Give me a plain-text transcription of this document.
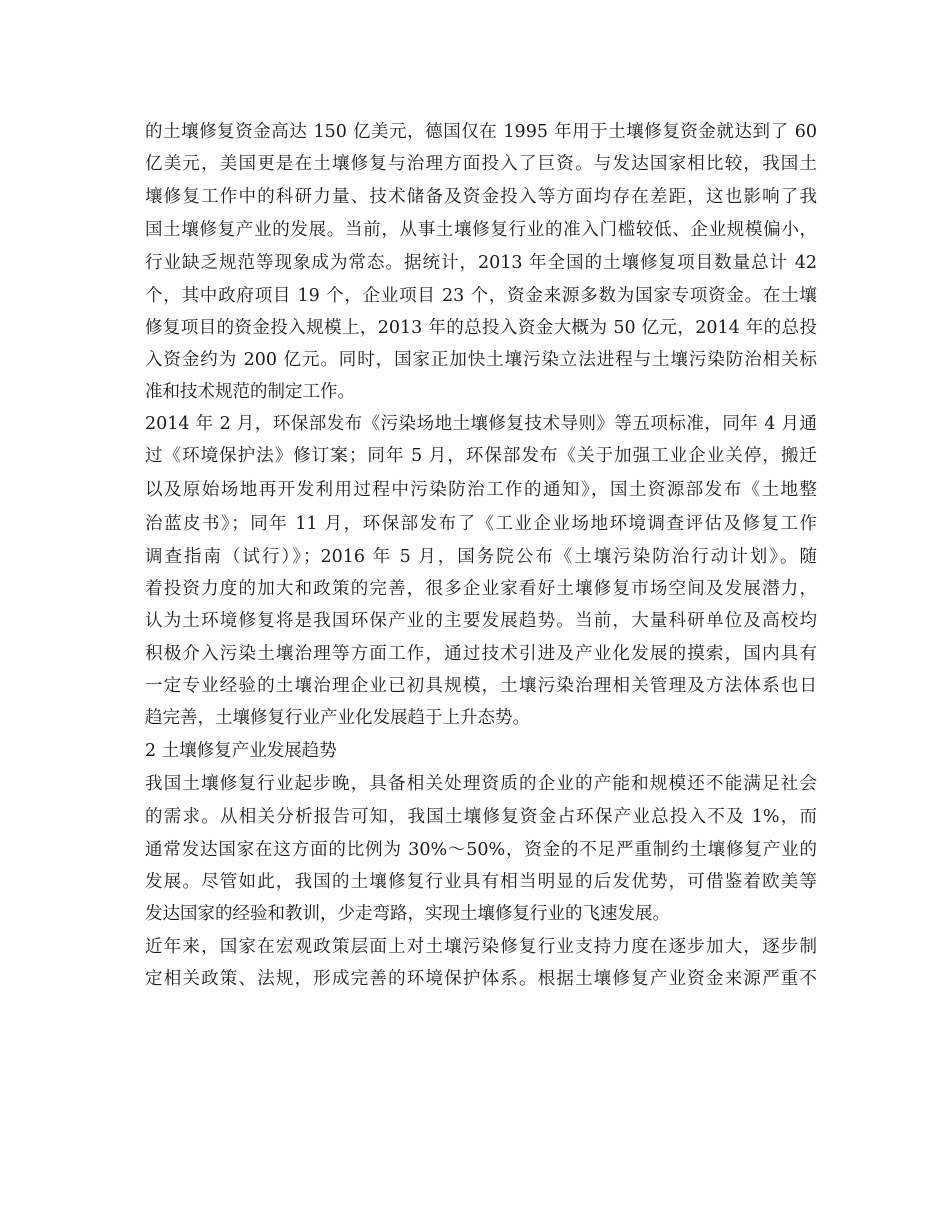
的土壤修复资金高达 150 亿美元，德国仅在 1995 年用于土壤修复资金就达到了 60
亿美元，美国更是在土壤修复与治理方面投入了巨资。与发达国家相比较，我国土
壤修复工作中的科研力量、技术储备及资金投入等方面均存在差距，这也影响了我
国土壤修复产业的发展。当前，从事土壤修复行业的准入门槛较低、企业规模偏小，
行业缺乏规范等现象成为常态。据统计，2013 年全国的土壤修复项目数量总计 42
个，其中政府项目 19 个，企业项目 23 个，资金来源多数为国家专项资金。在土壤
修复项目的资金投入规模上，2013 年的总投入资金大概为 50 亿元，2014 年的总投
入资金约为 200 亿元。同时，国家正加快土壤污染立法进程与土壤污染防治相关标
准和技术规范的制定工作。
2014 年 2 月，环保部发布《污染场地土壤修复技术导则》等五项标准，同年 4 月通
过《环境保护法》修订案；同年 5 月，环保部发布《关于加强工业企业关停，搬迁
以及原始场地再开发利用过程中污染防治工作的通知》，国土资源部发布《土地整
治蓝皮书》；同年 11 月，环保部发布了《工业企业场地环境调查评估及修复工作
调查指南（试行）》；2016 年 5 月，国务院公布《土壤污染防治行动计划》。随
着投资力度的加大和政策的完善，很多企业家看好土壤修复市场空间及发展潜力，
认为土环境修复将是我国环保产业的主要发展趋势。当前，大量科研单位及高校均
积极介入污染土壤治理等方面工作，通过技术引进及产业化发展的摸索，国内具有
一定专业经验的土壤治理企业已初具规模，土壤污染治理相关管理及方法体系也日
趋完善，土壤修复行业产业化发展趋于上升态势。
2 土壤修复产业发展趋势
我国土壤修复行业起步晚，具备相关处理资质的企业的产能和规模还不能满足社会
的需求。从相关分析报告可知，我国土壤修复资金占环保产业总投入不及 1%，而
通常发达国家在这方面的比例为 30%～50%，资金的不足严重制约土壤修复产业的
发展。尽管如此，我国的土壤修复行业具有相当明显的后发优势，可借鉴着欧美等
发达国家的经验和教训，少走弯路，实现土壤修复行业的飞速发展。
近年来，国家在宏观政策层面上对土壤污染修复行业支持力度在逐步加大，逐步制
定相关政策、法规，形成完善的环境保护体系。根据土壤修复产业资金来源严重不
